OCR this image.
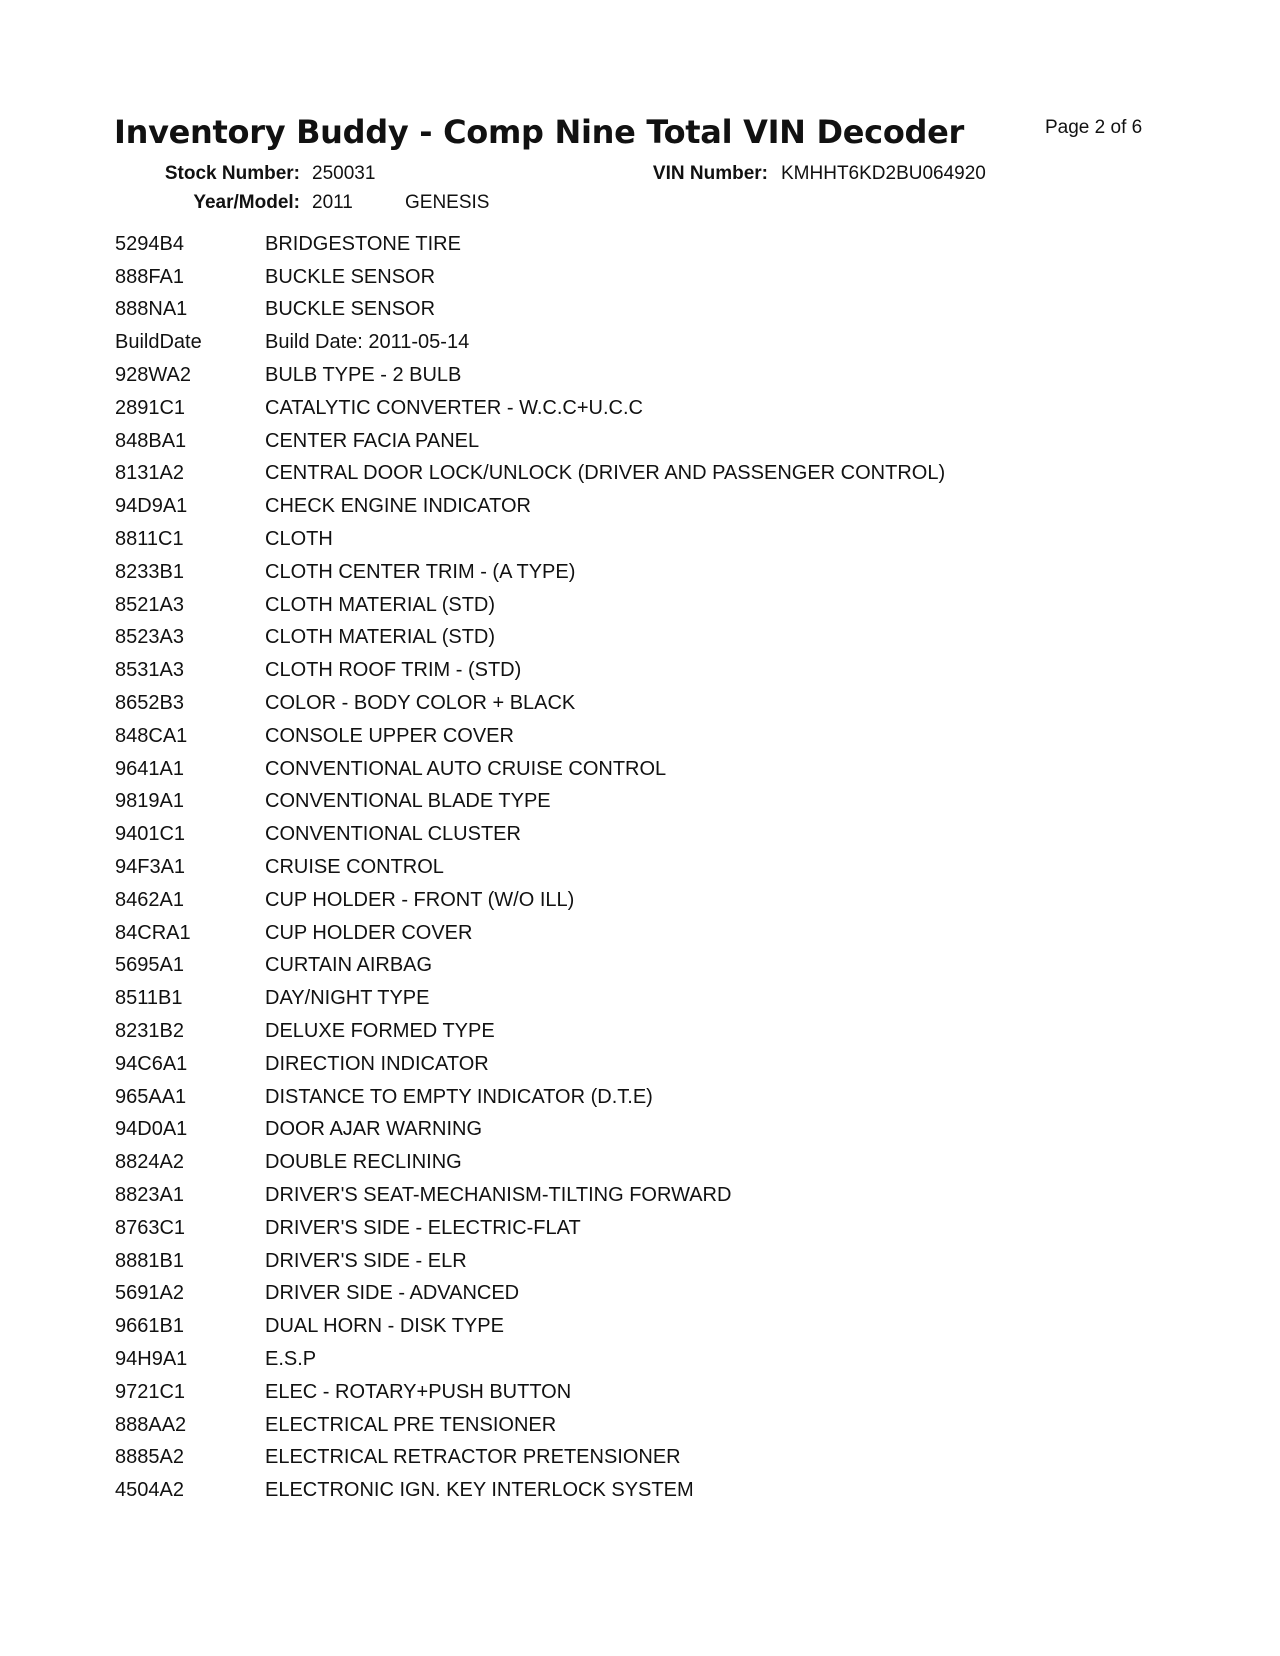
Inventory Buddy - Comp Nine Total VIN Decoder	Page 2 of 6
Stock Number: 250031	VIN Number: KMHHT6KD2BU064920
Year/Model: 2011	GENESIS
5294B4	BRIDGESTONE TIRE
888FA1	BUCKLE SENSOR
888NA1	BUCKLE SENSOR
BuildDate	Build Date: 2011-05-14
928WA2	BULB TYPE - 2 BULB
2891C1	CATALYTIC CONVERTER - W.C.C+U.C.C
848BA1	CENTER FACIA PANEL
8131A2	CENTRAL DOOR LOCK/UNLOCK (DRIVER AND PASSENGER CONTROL)
94D9A1	CHECK ENGINE INDICATOR
8811C1	CLOTH
8233B1	CLOTH CENTER TRIM - (A TYPE)
8521A3	CLOTH MATERIAL (STD)
8523A3	CLOTH MATERIAL (STD)
8531A3	CLOTH ROOF TRIM - (STD)
8652B3	COLOR - BODY COLOR + BLACK
848CA1	CONSOLE UPPER COVER
9641A1	CONVENTIONAL AUTO CRUISE CONTROL
9819A1	CONVENTIONAL BLADE TYPE
9401C1	CONVENTIONAL CLUSTER
94F3A1	CRUISE CONTROL
8462A1	CUP HOLDER - FRONT (W/O ILL)
84CRA1	CUP HOLDER COVER
5695A1	CURTAIN AIRBAG
8511B1	DAY/NIGHT TYPE
8231B2	DELUXE FORMED TYPE
94C6A1	DIRECTION INDICATOR
965AA1	DISTANCE TO EMPTY INDICATOR (D.T.E)
94D0A1	DOOR AJAR WARNING
8824A2	DOUBLE RECLINING
8823A1	DRIVER'S SEAT-MECHANISM-TILTING FORWARD
8763C1	DRIVER'S SIDE - ELECTRIC-FLAT
8881B1	DRIVER'S SIDE - ELR
5691A2	DRIVER SIDE - ADVANCED
9661B1	DUAL HORN - DISK TYPE
94H9A1	E.S.P
9721C1	ELEC - ROTARY+PUSH BUTTON
888AA2	ELECTRICAL PRE TENSIONER
8885A2	ELECTRICAL RETRACTOR PRETENSIONER
4504A2	ELECTRONIC IGN. KEY INTERLOCK SYSTEM
